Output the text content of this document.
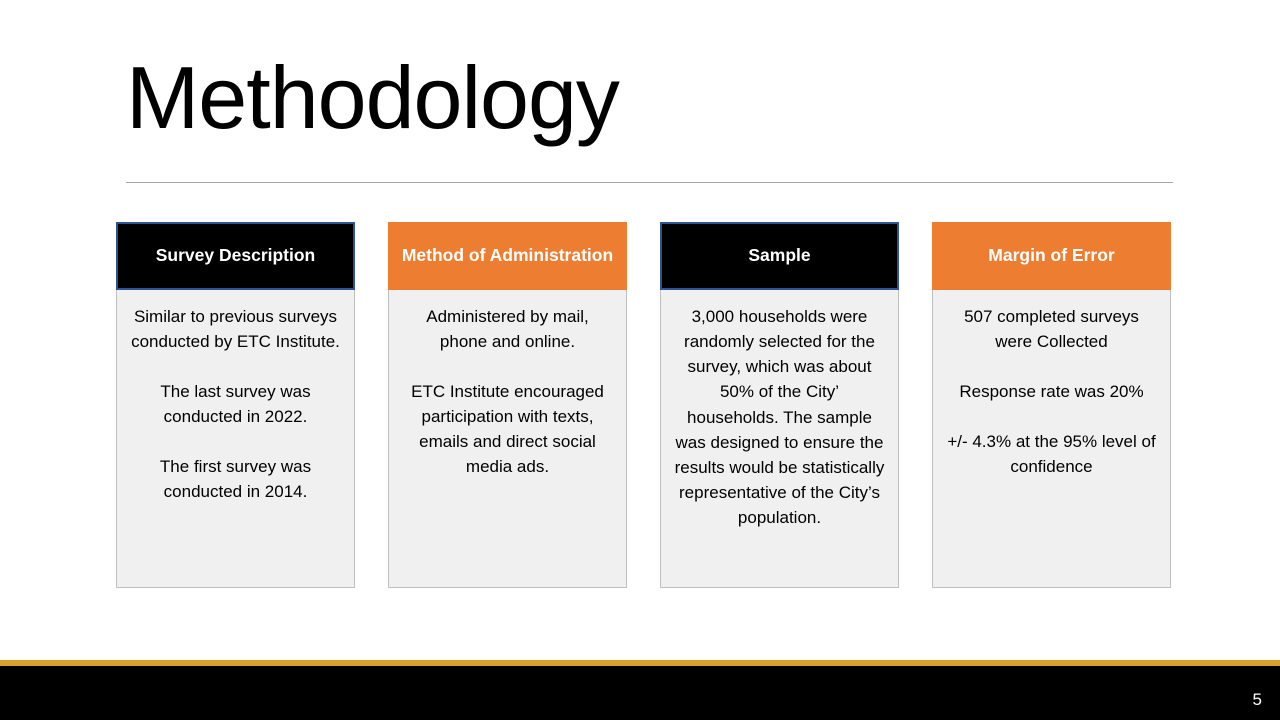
Methodology
Survey Description

Similar to previous surveys conducted by ETC Institute.

The last survey was conducted in 2022.

The first survey was conducted in 2014.

Method of Administration

Administered by mail, phone and online.

ETC Institute encouraged participation with texts, emails and direct social media ads.

Sample

3,000 households were randomly selected for the survey, which was about 50% of the City’ households. The sample was designed to ensure the results would be statistically representative of the City’s population.

Margin of Error

507 completed surveys were Collected

Response rate was 20%

+/- 4.3% at the 95% level of confidence

5
